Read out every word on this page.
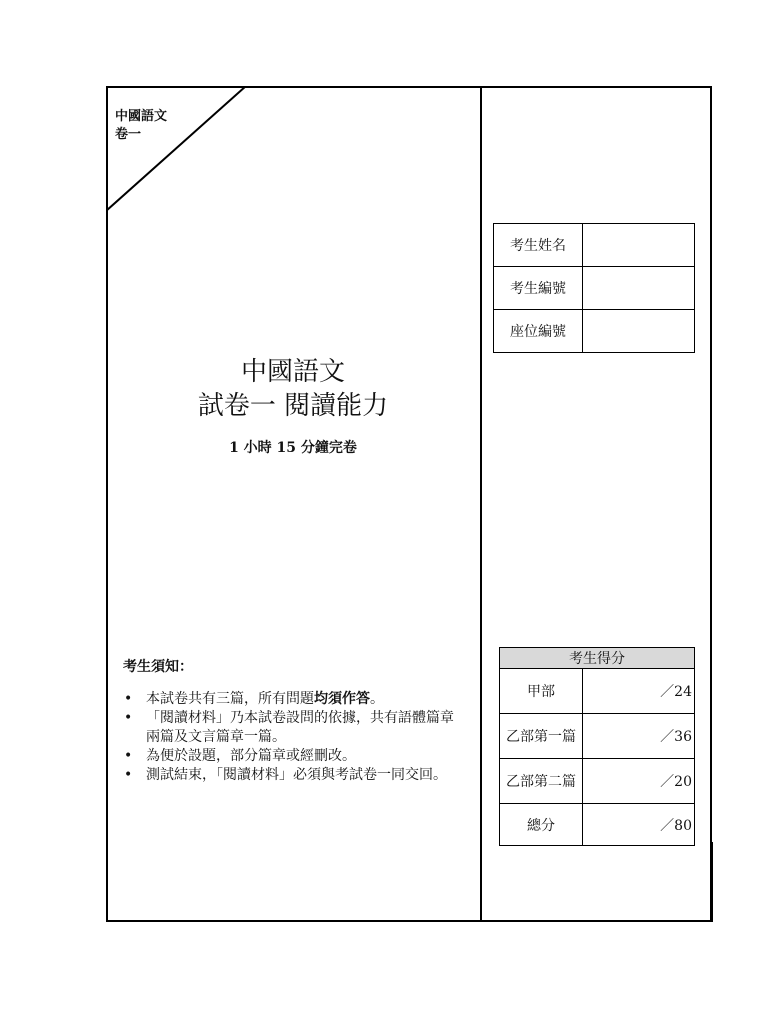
中國語文
卷一
考生姓名	
考生編號	
座位編號	
中國語文
試卷一 閱讀能力
1 小時 15 分鐘完卷
考生須知：
• 本試卷共有三篇，所有問題均須作答。
• 「閱讀材料」乃本試卷設問的依據，共有語體篇章兩篇及文言篇章一篇。
• 為便於設題，部分篇章或經刪改。
• 測試結束，「閱讀材料」必須與考試卷一同交回。
考生得分	
甲部	／24
乙部第一篇	／36
乙部第二篇	／20
總分	／80
